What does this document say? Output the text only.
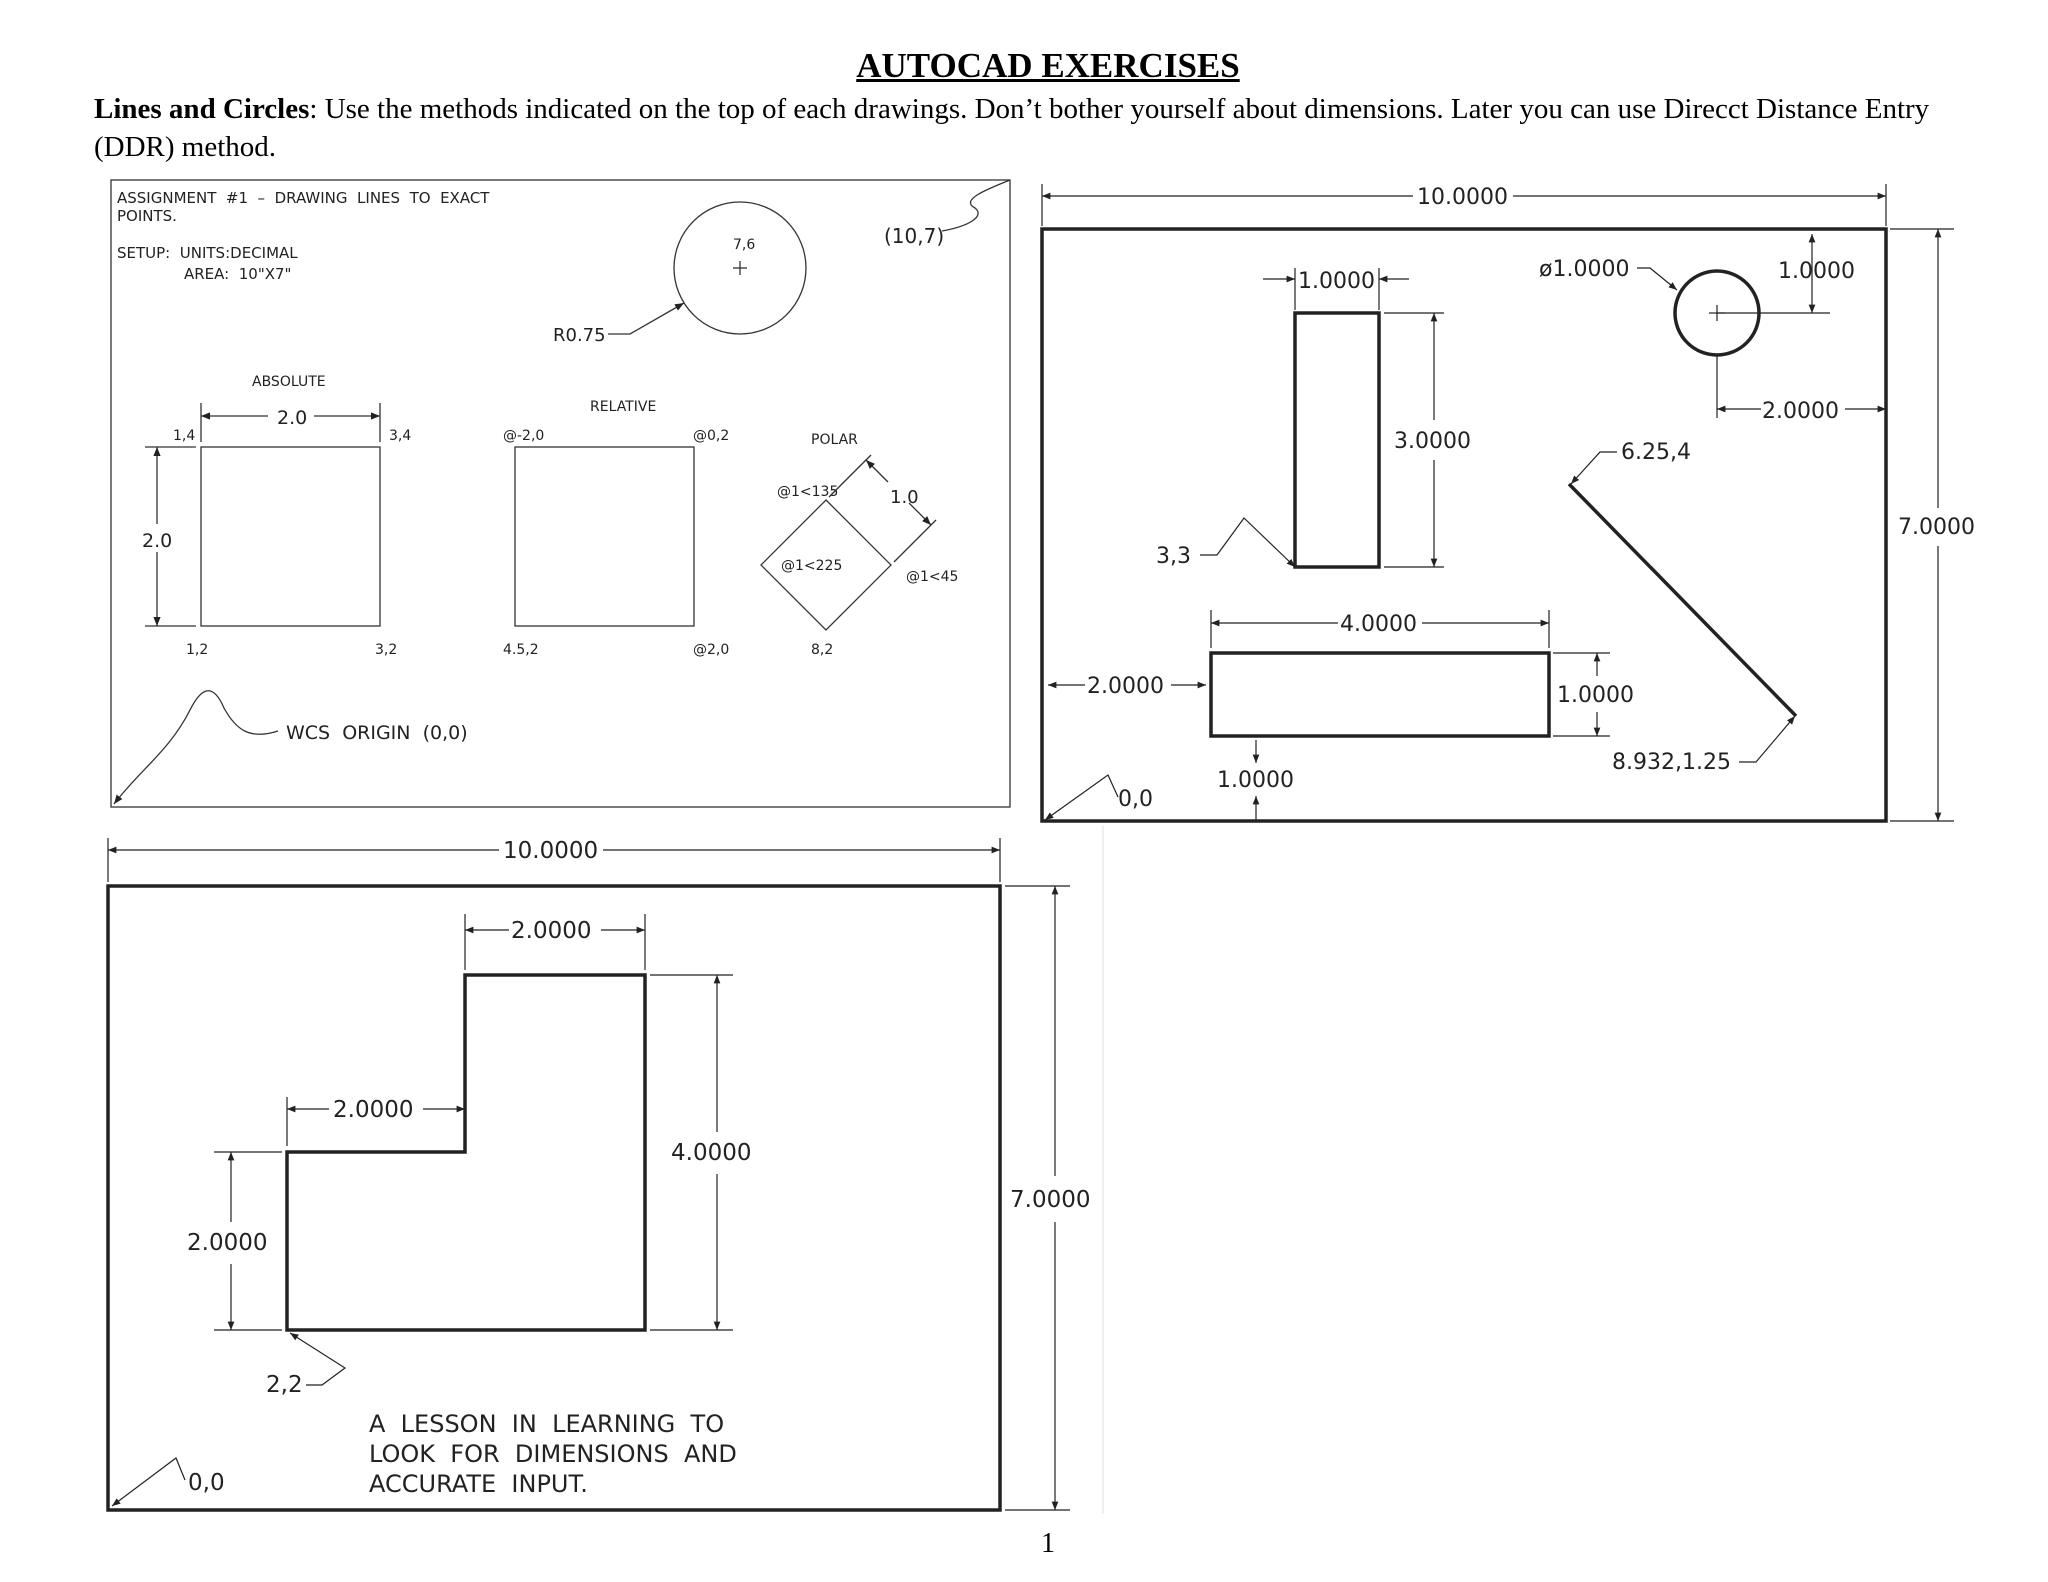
AUTOCAD EXERCISES
Lines and Circles: Use the methods indicated on the top of each drawings. Don’t bother yourself about dimensions. Later you can use Direcct Distance Entry (DDR) method.
ASSIGNMENT  #1  –  DRAWING  LINES  TO  EXACT
POINTS.
SETUP:  UNITS:DECIMAL
AREA:  10"X7"
7,6
R0.75
(10,7)
ABSOLUTE
2.0
2.0
1,4	3,4
1,2	3,2
RELATIVE
@-2,0	@0,2
4.5,2	@2,0
POLAR
1.0
@1<135
@1<225
@1<45
8,2
WCS  ORIGIN  (0,0)
10.0000
7.0000
1.0000
3.0000
3,3
ø1.0000	1.0000
2.0000
6.25,4
8.932,1.25
4.0000
2.0000	1.0000
1.0000
0,0
10.0000
7.0000
2.0000
2.0000
2.0000
4.0000
2,2
A  LESSON  IN  LEARNING  TO
LOOK  FOR  DIMENSIONS  AND
ACCURATE  INPUT.
0,0
1
